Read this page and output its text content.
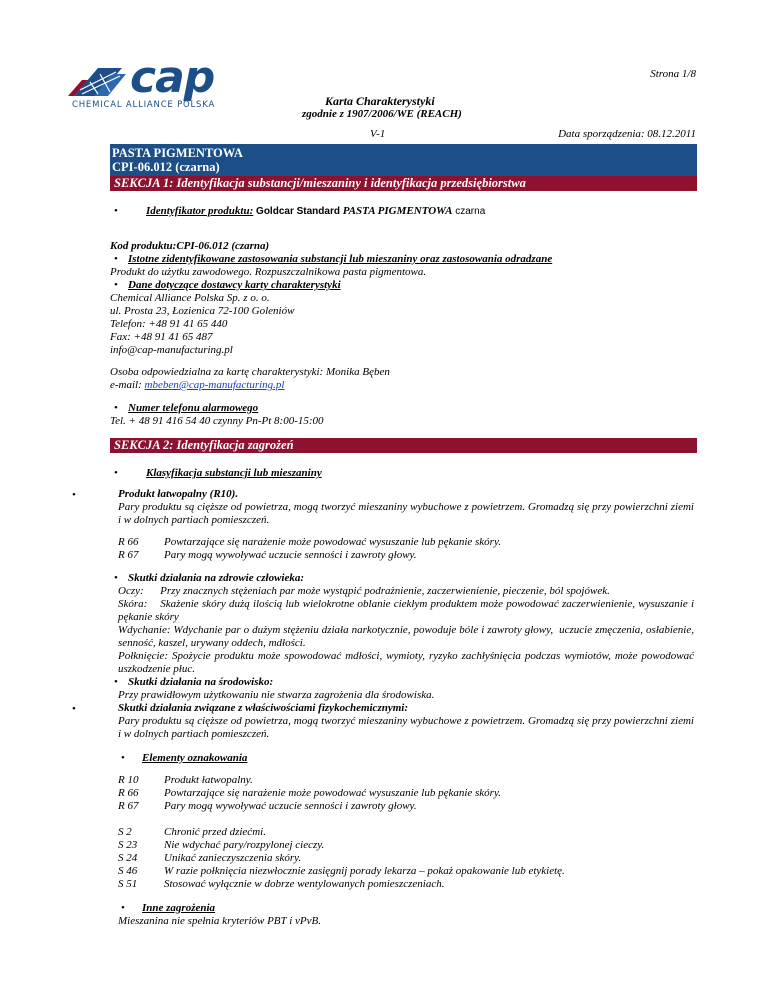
cap
CHEMICAL ALLIANCE POLSKA
Strona 1/8
Karta Charakterystyki
zgodnie z 1907/2006/WE (REACH)
V-1	Data sporządzenia: 08.12.2011
PASTA PIGMENTOWA
CPI-06.012 (czarna)
SEKCJA 1: Identyfikacja substancji/mieszaniny i identyfikacja przedsiębiorstwa
•	Identyfikator produktu: Goldcar Standard PASTA PIGMENTOWA czarna
Kod produktu:CPI-06.012 (czarna)
• Istotne zidentyfikowane zastosowania substancji lub mieszaniny oraz zastosowania odradzane
Produkt do użytku zawodowego. Rozpuszczalnikowa pasta pigmentowa.
• Dane dotyczące dostawcy karty charakterystyki
Chemical Alliance Polska Sp. z o. o.
ul. Prosta 23, Łozienica 72-100 Goleniów
Telefon: +48 91 41 65 440
Fax: +48 91 41 65 487
info@cap-manufacturing.pl
Osoba odpowiedzialna za kartę charakterystyki: Monika Bęben
e-mail: mbeben@cap-manufacturing.pl
• Numer telefonu alarmowego
Tel. + 48 91 416 54 40 czynny Pn-Pt 8:00-15:00
SEKCJA 2: Identyfikacja zagrożeń
•	Klasyfikacja substancji lub mieszaniny
•	Produkt łatwopalny (R10).
Pary produktu są cięższe od powietrza, mogą tworzyć mieszaniny wybuchowe z powietrzem. Gromadzą się przy powierzchni ziemi i w dolnych partiach pomieszczeń.
R 66 Powtarzające się narażenie może powodować wysuszanie lub pękanie skóry.
R 67 Pary mogą wywoływać uczucie senności i zawroty głowy.
• Skutki działania na zdrowie człowieka:
Oczy:      Przy znacznych stężeniach par może wystąpić podrażnienie, zaczerwienienie, pieczenie, ból spojówek.
Skóra:    Skażenie skóry dużą ilością lub wielokrotne oblanie ciekłym produktem może powodować zaczerwienienie, wysuszanie i pękanie skóry
Wdychanie: Wdychanie par o dużym stężeniu działa narkotycznie, powoduje bóle i zawroty głowy,  uczucie zmęczenia, osłabienie, senność, kaszel, urywany oddech, mdłości.
Połknięcie: Spożycie produktu może spowodować mdłości, wymioty, ryzyko zachłyśnięcia podczas wymiotów, może powodować uszkodzenie płuc.
• Skutki działania na środowisko:
Przy prawidłowym użytkowaniu nie stwarza zagrożenia dla środowiska.
•	Skutki działania związane z właściwościami fizykochemicznymi:
Pary produktu są cięższe od powietrza, mogą tworzyć mieszaniny wybuchowe z powietrzem. Gromadzą się przy powierzchni ziemi i w dolnych partiach pomieszczeń.
• Elementy oznakowania
R 10 Produkt łatwopalny.
R 66 Powtarzające się narażenie może powodować wysuszanie lub pękanie skóry.
R 67 Pary mogą wywoływać uczucie senności i zawroty głowy.
S 2	Chronić przed dziećmi.
S 23 Nie wdychać pary/rozpylonej cieczy.
S 24 Unikać zanieczyszczenia skóry.
S 46 W razie połknięcia niezwłocznie zasięgnij porady lekarza – pokaż opakowanie lub etykietę.
S 51 Stosować wyłącznie w dobrze wentylowanych pomieszczeniach.
• Inne zagrożenia
Mieszanina nie spełnia kryteriów PBT i vPvB.
